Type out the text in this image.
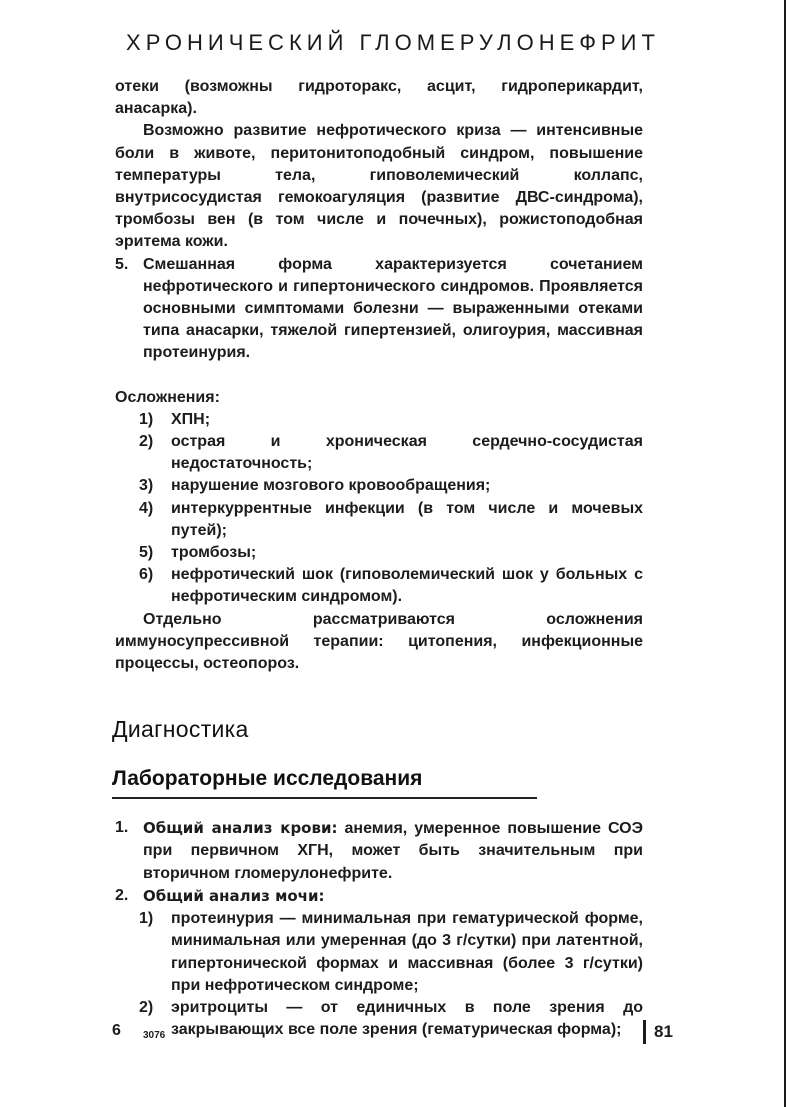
ХРОНИЧЕСКИЙ ГЛОМЕРУЛОНЕФРИТ

отеки (возможны гидроторакс, асцит, гидроперикардит, анасарка).

Возможно развитие нефротического криза — интенсивные боли в животе, перитонитоподобный синдром, повышение температуры тела, гиповолемический коллапс, внутрисосудистая гемокоагуляция (развитие ДВС-синдрома), тромбозы вен (в том числе и почечных), рожистоподобная эритема кожи.

5. Смешанная форма характеризуется сочетанием нефротического и гипертонического синдромов. Проявляется основными симптомами болезни — выраженными отеками типа анасарки, тяжелой гипертензией, олигоурия, массивная протеинурия.
Осложнения:
1) ХПН;
2) острая и хроническая сердечно-сосудистая недостаточность;
3) нарушение мозгового кровообращения;
4) интеркуррентные инфекции (в том числе и мочевых путей);
5) тромбозы;
6) нефротический шок (гиповолемический шок у больных с нефротическим синдромом).

Отдельно рассматриваются осложнения иммуносупрессивной терапии: цитопения, инфекционные процессы, остеопороз.

Диагностика
Лабораторные исследования
1. Общий анализ крови: анемия, умеренное повышение СОЭ при первичном ХГН, может быть значительным при вторичном гломерулонефрите.
2. Общий анализ мочи:
1) протеинурия — минимальная при гематурической форме, минимальная или умеренная (до 3 г/сутки) при латентной, гипертонической формах и массивная (более 3 г/сутки) при нефротическом синдроме;
2) эритроциты — от единичных в поле зрения до закрывающих все поле зрения (гематурическая форма);
6 3076	81
